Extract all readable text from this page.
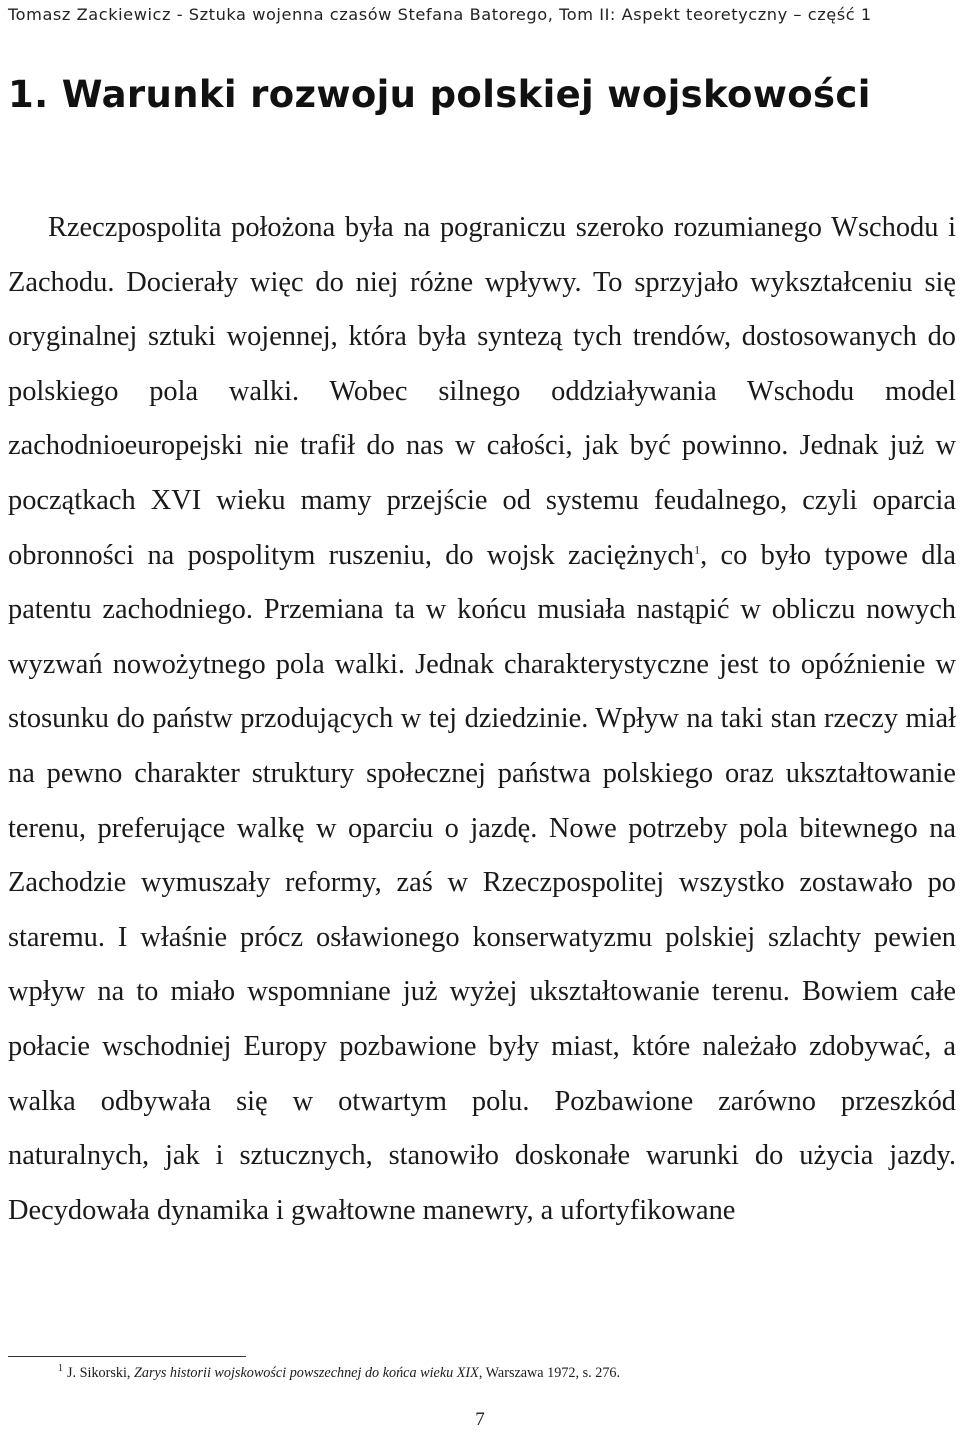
Tomasz Zackiewicz - Sztuka wojenna czasów Stefana Batorego, Tom II: Aspekt teoretyczny – część 1
1. Warunki rozwoju polskiej wojskowości

Rzeczpospolita położona była na pograniczu szeroko rozumianego Wschodu i Zachodu. Docierały więc do niej różne wpływy. To sprzyjało wykształceniu się oryginalnej sztuki wojennej, która była syntezą tych trendów, dostosowanych do polskiego pola walki. Wobec silnego oddziaływania Wschodu model zachodnioeuropejski nie trafił do nas w całości, jak być powinno. Jednak już w początkach XVI wieku mamy przejście od systemu feudalnego, czyli oparcia obronności na pospolitym ruszeniu, do wojsk zaciężnych$^1$, co było typowe dla patentu zachodniego. Przemiana ta w końcu musiała nastąpić w obliczu nowych wyzwań nowożytnego pola walki. Jednak charakterystyczne jest to opóźnienie w stosunku do państw przodujących w tej dziedzinie. Wpływ na taki stan rzeczy miał na pewno charakter struktury społecznej państwa polskiego oraz ukształtowanie terenu, preferujące walkę w oparciu o jazdę. Nowe potrzeby pola bitewnego na Zachodzie wymuszały reformy, zaś w Rzeczpospolitej wszystko zostawało po staremu. I właśnie prócz osławionego konserwatyzmu polskiej szlachty pewien wpływ na to miało wspomniane już wyżej ukształtowanie terenu. Bowiem całe połacie wschodniej Europy pozbawione były miast, które należało zdobywać, a walka odbywała się w otwartym polu. Pozbawione zarówno przeszkód naturalnych, jak i sztucznych, stanowiło doskonałe warunki do użycia jazdy. Decydowała dynamika i gwałtowne manewry, a ufortyfikowane

$^1$ J. Sikorski, Zarys historii wojskowości powszechnej do końca wieku XIX, Warszawa 1972, s. 276.
7
